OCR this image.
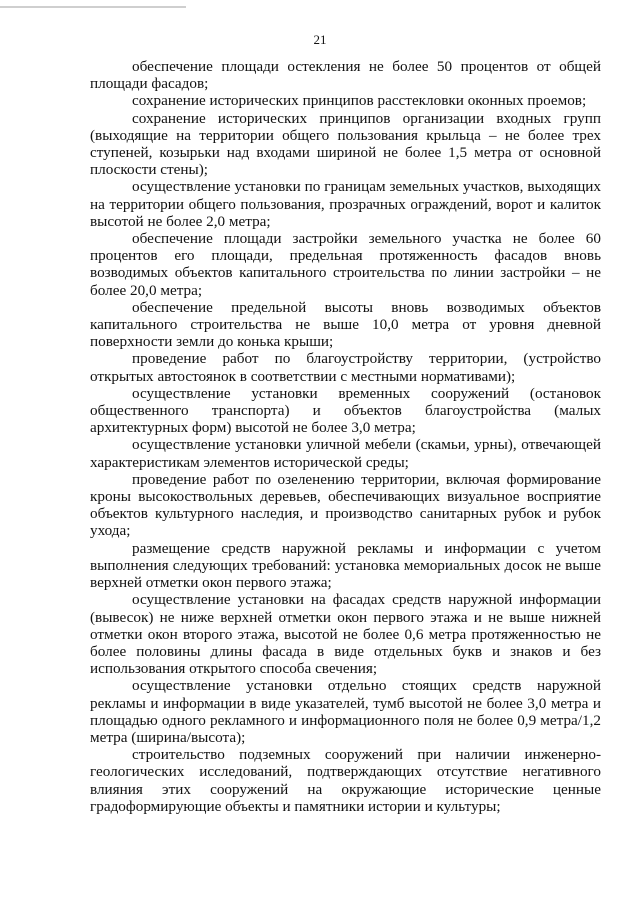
21

обеспечение площади остекления не более 50 процентов от общей площади фасадов;

сохранение исторических принципов расстекловки оконных проемов;

сохранение исторических принципов организации входных групп (выходящие на территории общего пользования крыльца – не более трех ступеней, козырьки над входами шириной не более 1,5 метра от основной плоскости стены);

осуществление установки по границам земельных участков, выходящих на территории общего пользования, прозрачных ограждений, ворот и калиток высотой не более 2,0 метра;

обеспечение площади застройки земельного участка не более 60 процентов его площади, предельная протяженность фасадов вновь возводимых объектов капитального строительства по линии застройки – не более 20,0 метра;

обеспечение предельной высоты вновь возводимых объектов капитального строительства не выше 10,0 метра от уровня дневной поверхности земли до конька крыши;

проведение работ по благоустройству территории, (устройство открытых автостоянок в соответствии с местными нормативами);

осуществление установки временных сооружений (остановок общественного транспорта) и объектов благоустройства (малых архитектурных форм) высотой не более 3,0 метра;

осуществление установки уличной мебели (скамьи, урны), отвечающей характеристикам элементов исторической среды;

проведение работ по озеленению территории, включая формирование кроны высокоствольных деревьев, обеспечивающих визуальное восприятие объектов культурного наследия, и производство санитарных рубок и рубок ухода;

размещение средств наружной рекламы и информации с учетом выполнения следующих требований: установка мемориальных досок не выше верхней отметки окон первого этажа;

осуществление установки на фасадах средств наружной информации (вывесок) не ниже верхней отметки окон первого этажа и не выше нижней отметки окон второго этажа, высотой не более 0,6 метра протяженностью не более половины длины фасада в виде отдельных букв и знаков и без использования открытого способа свечения;

осуществление установки отдельно стоящих средств наружной рекламы и информации в виде указателей, тумб высотой не более 3,0 метра и площадью одного рекламного и информационного поля не более 0,9 метра/1,2 метра (ширина/высота);

строительство подземных сооружений при наличии инженерно-геологических исследований, подтверждающих отсутствие негативного влияния этих сооружений на окружающие исторические ценные градоформирующие объекты и памятники истории и культуры;
